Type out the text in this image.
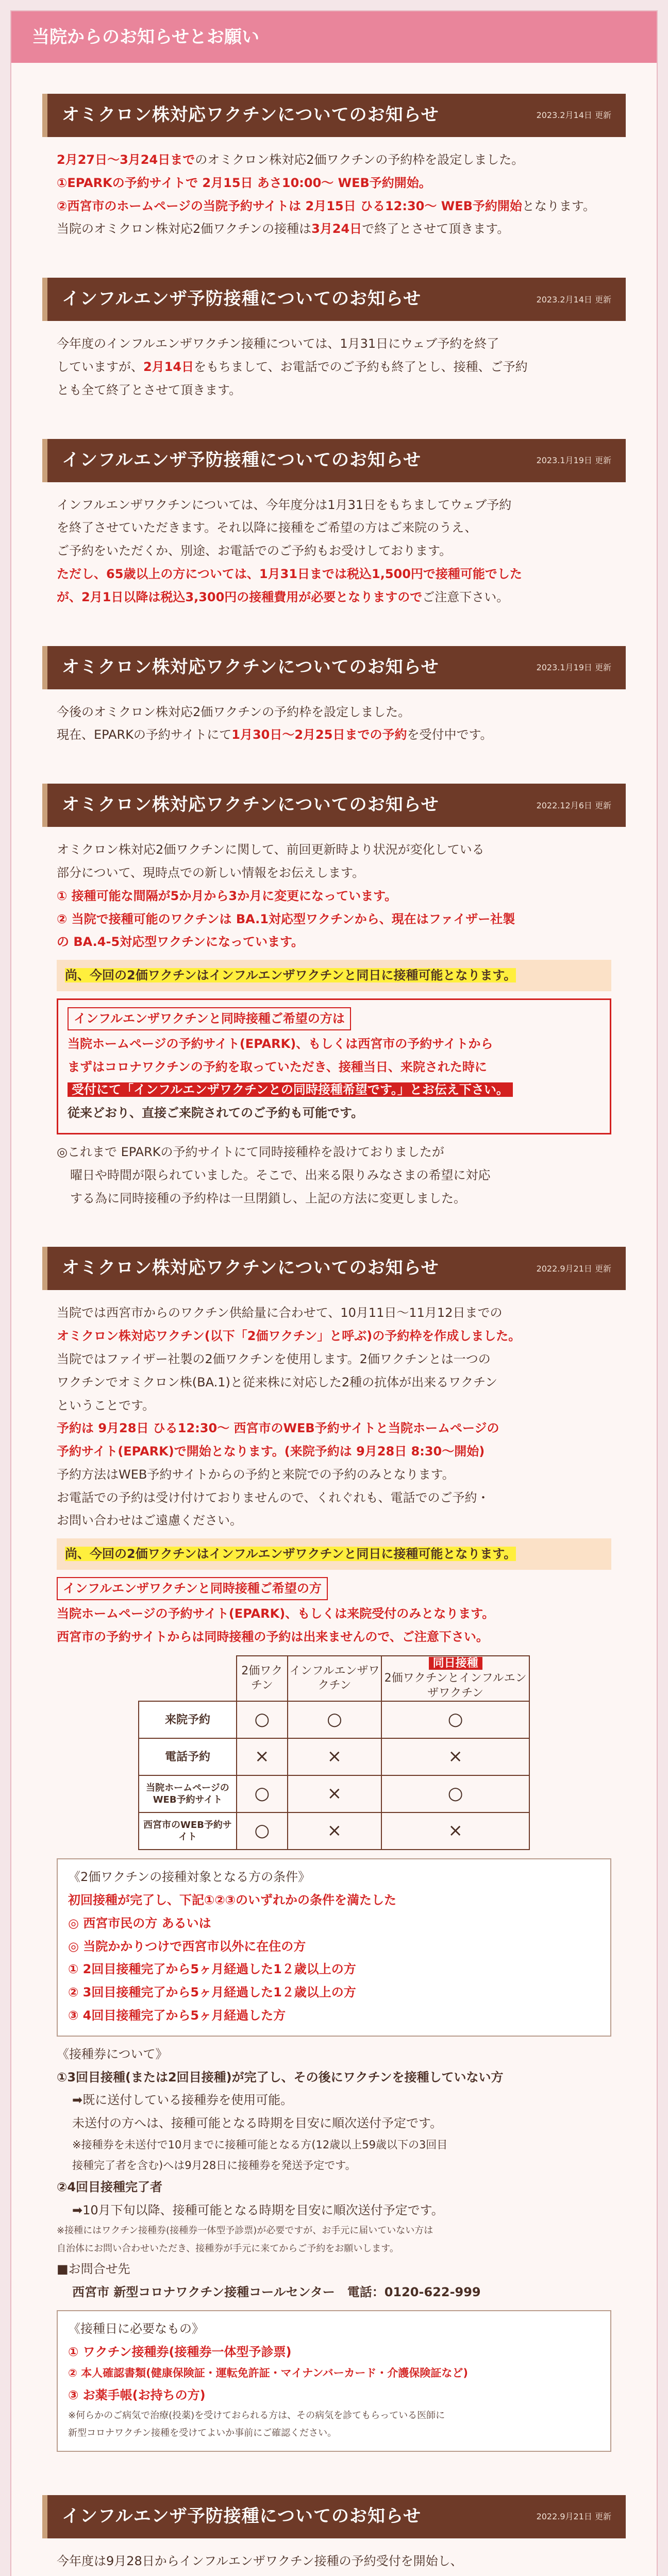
当院からのお知らせとお願い
オミクロン株対応ワクチンについてのお知らせ	2023.2月14日 更新

2月27日～3月24日までのオミクロン株対応2価ワクチンの予約枠を設定しました。

①EPARKの予約サイトで 2月15日 あさ10:00～ WEB予約開始。

②西宮市のホームページの当院予約サイトは 2月15日 ひる12:30～ WEB予約開始となります。

当院のオミクロン株対応2価ワクチンの接種は3月24日で終了とさせて頂きます。

インフルエンザ予防接種についてのお知らせ	2023.2月14日 更新

今年度のインフルエンザワクチン接種については、1月31日にウェブ予約を終了

していますが、2月14日をもちまして、お電話でのご予約も終了とし、接種、ご予約

とも全て終了とさせて頂きます。

インフルエンザ予防接種についてのお知らせ	2023.1月19日 更新

インフルエンザワクチンについては、今年度分は1月31日をもちましてウェブ予約

を終了させていただきます。それ以降に接種をご希望の方はご来院のうえ、

ご予約をいただくか、別途、お電話でのご予約もお受けしております。

ただし、65歳以上の方については、1月31日までは税込1,500円で接種可能でした

が、2月1日以降は税込3,300円の接種費用が必要となりますのでご注意下さい。

オミクロン株対応ワクチンについてのお知らせ	2023.1月19日 更新

今後のオミクロン株対応2価ワクチンの予約枠を設定しました。

現在、EPARKの予約サイトにて1月30日～2月25日までの予約を受付中です。

オミクロン株対応ワクチンについてのお知らせ	2022.12月6日 更新

オミクロン株対応2価ワクチンに関して、前回更新時より状況が変化している

部分について、現時点での新しい情報をお伝えします。

① 接種可能な間隔が5か月から3か月に変更になっています。

② 当院で接種可能のワクチンは BA.1対応型ワクチンから、現在はファイザー社製

の BA.4-5対応型ワクチンになっています。

尚、今回の2価ワクチンはインフルエンザワクチンと同日に接種可能となります。
インフルエンザワクチンと同時接種ご希望の方は

当院ホームページの予約サイト(EPARK)、もしくは西宮市の予約サイトから

まずはコロナワクチンの予約を取っていただき、接種当日、来院された時に

受付にて「インフルエンザワクチンとの同時接種希望です。」とお伝え下さい。

従来どおり、直接ご来院されてのご予約も可能です。

◎これまで EPARKの予約サイトにて同時接種枠を設けておりましたが

曜日や時間が限られていました。そこで、出来る限りみなさまの希望に対応

する為に同時接種の予約枠は一旦閉鎖し、上記の方法に変更しました。

オミクロン株対応ワクチンについてのお知らせ	2022.9月21日 更新

当院では西宮市からのワクチン供給量に合わせて、10月11日～11月12日までの

オミクロン株対応ワクチン(以下「2価ワクチン」と呼ぶ)の予約枠を作成しました。

当院ではファイザー社製の2価ワクチンを使用します。2価ワクチンとは一つの

ワクチンでオミクロン株(BA.1)と従来株に対応した2種の抗体が出来るワクチン

ということです。

予約は 9月28日 ひる12:30～ 西宮市のWEB予約サイトと当院ホームページの

予約サイト(EPARK)で開始となります。(来院予約は 9月28日 8:30～開始)

予約方法はWEB予約サイトからの予約と来院での予約のみとなります。

お電話での予約は受け付けておりませんので、くれぐれも、電話でのご予約・

お問い合わせはご遠慮ください。

尚、今回の2価ワクチンはインフルエンザワクチンと同日に接種可能となります。
インフルエンザワクチンと同時接種ご希望の方

当院ホームページの予約サイト(EPARK)、もしくは来院受付のみとなります。

西宮市の予約サイトからは同時接種の予約は出来ませんので、ご注意下さい。

	2価ワクチン	インフルエンザワクチン	同日接種
2価ワクチンとインフルエンザワクチン
来院予約	○	○	○
電話予約	×	×	×
当院ホームページのWEB予約サイト	○	×	○
西宮市のWEB予約サイト	○	×	×

《2価ワクチンの接種対象となる方の条件》

初回接種が完了し、下記①②③のいずれかの条件を満たした

◎ 西宮市民の方 あるいは

◎ 当院かかりつけで西宮市以外に在住の方

① 2回目接種完了から5ヶ月経過した1２歳以上の方

② 3回目接種完了から5ヶ月経過した1２歳以上の方

③ 4回目接種完了から5ヶ月経過した方

《接種券について》

①3回目接種(または2回目接種)が完了し、その後にワクチンを接種していない方

➡既に送付している接種券を使用可能。

未送付の方へは、接種可能となる時期を目安に順次送付予定です。

※接種券を未送付で10月までに接種可能となる方(12歳以上59歳以下の3回目

接種完了者を含む)へは9月28日に接種券を発送予定です。

②4回目接種完了者

➡10月下旬以降、接種可能となる時期を目安に順次送付予定です。

※接種にはワクチン接種券(接種券一体型予診票)が必要ですが、お手元に届いていない方は

自治体にお問い合わせいただき、接種券が手元に来てからご予約をお願いします。

■お問合せ先

西宮市 新型コロナワクチン接種コールセンター　電話：0120-622-999

《接種日に必要なもの》

① ワクチン接種券(接種券一体型予診票)

② 本人確認書類(健康保険証・運転免許証・マイナンバーカード・介護保険証など)

③ お薬手帳(お持ちの方)

※何らかのご病気で治療(投薬)を受けておられる方は、その病気を診てもらっている医師に

新型コロナワクチン接種を受けてよいか事前にご確認ください。

インフルエンザ予防接種についてのお知らせ	2022.9月21日 更新

今年度は9月28日からインフルエンザワクチン接種の予約受付を開始し、
